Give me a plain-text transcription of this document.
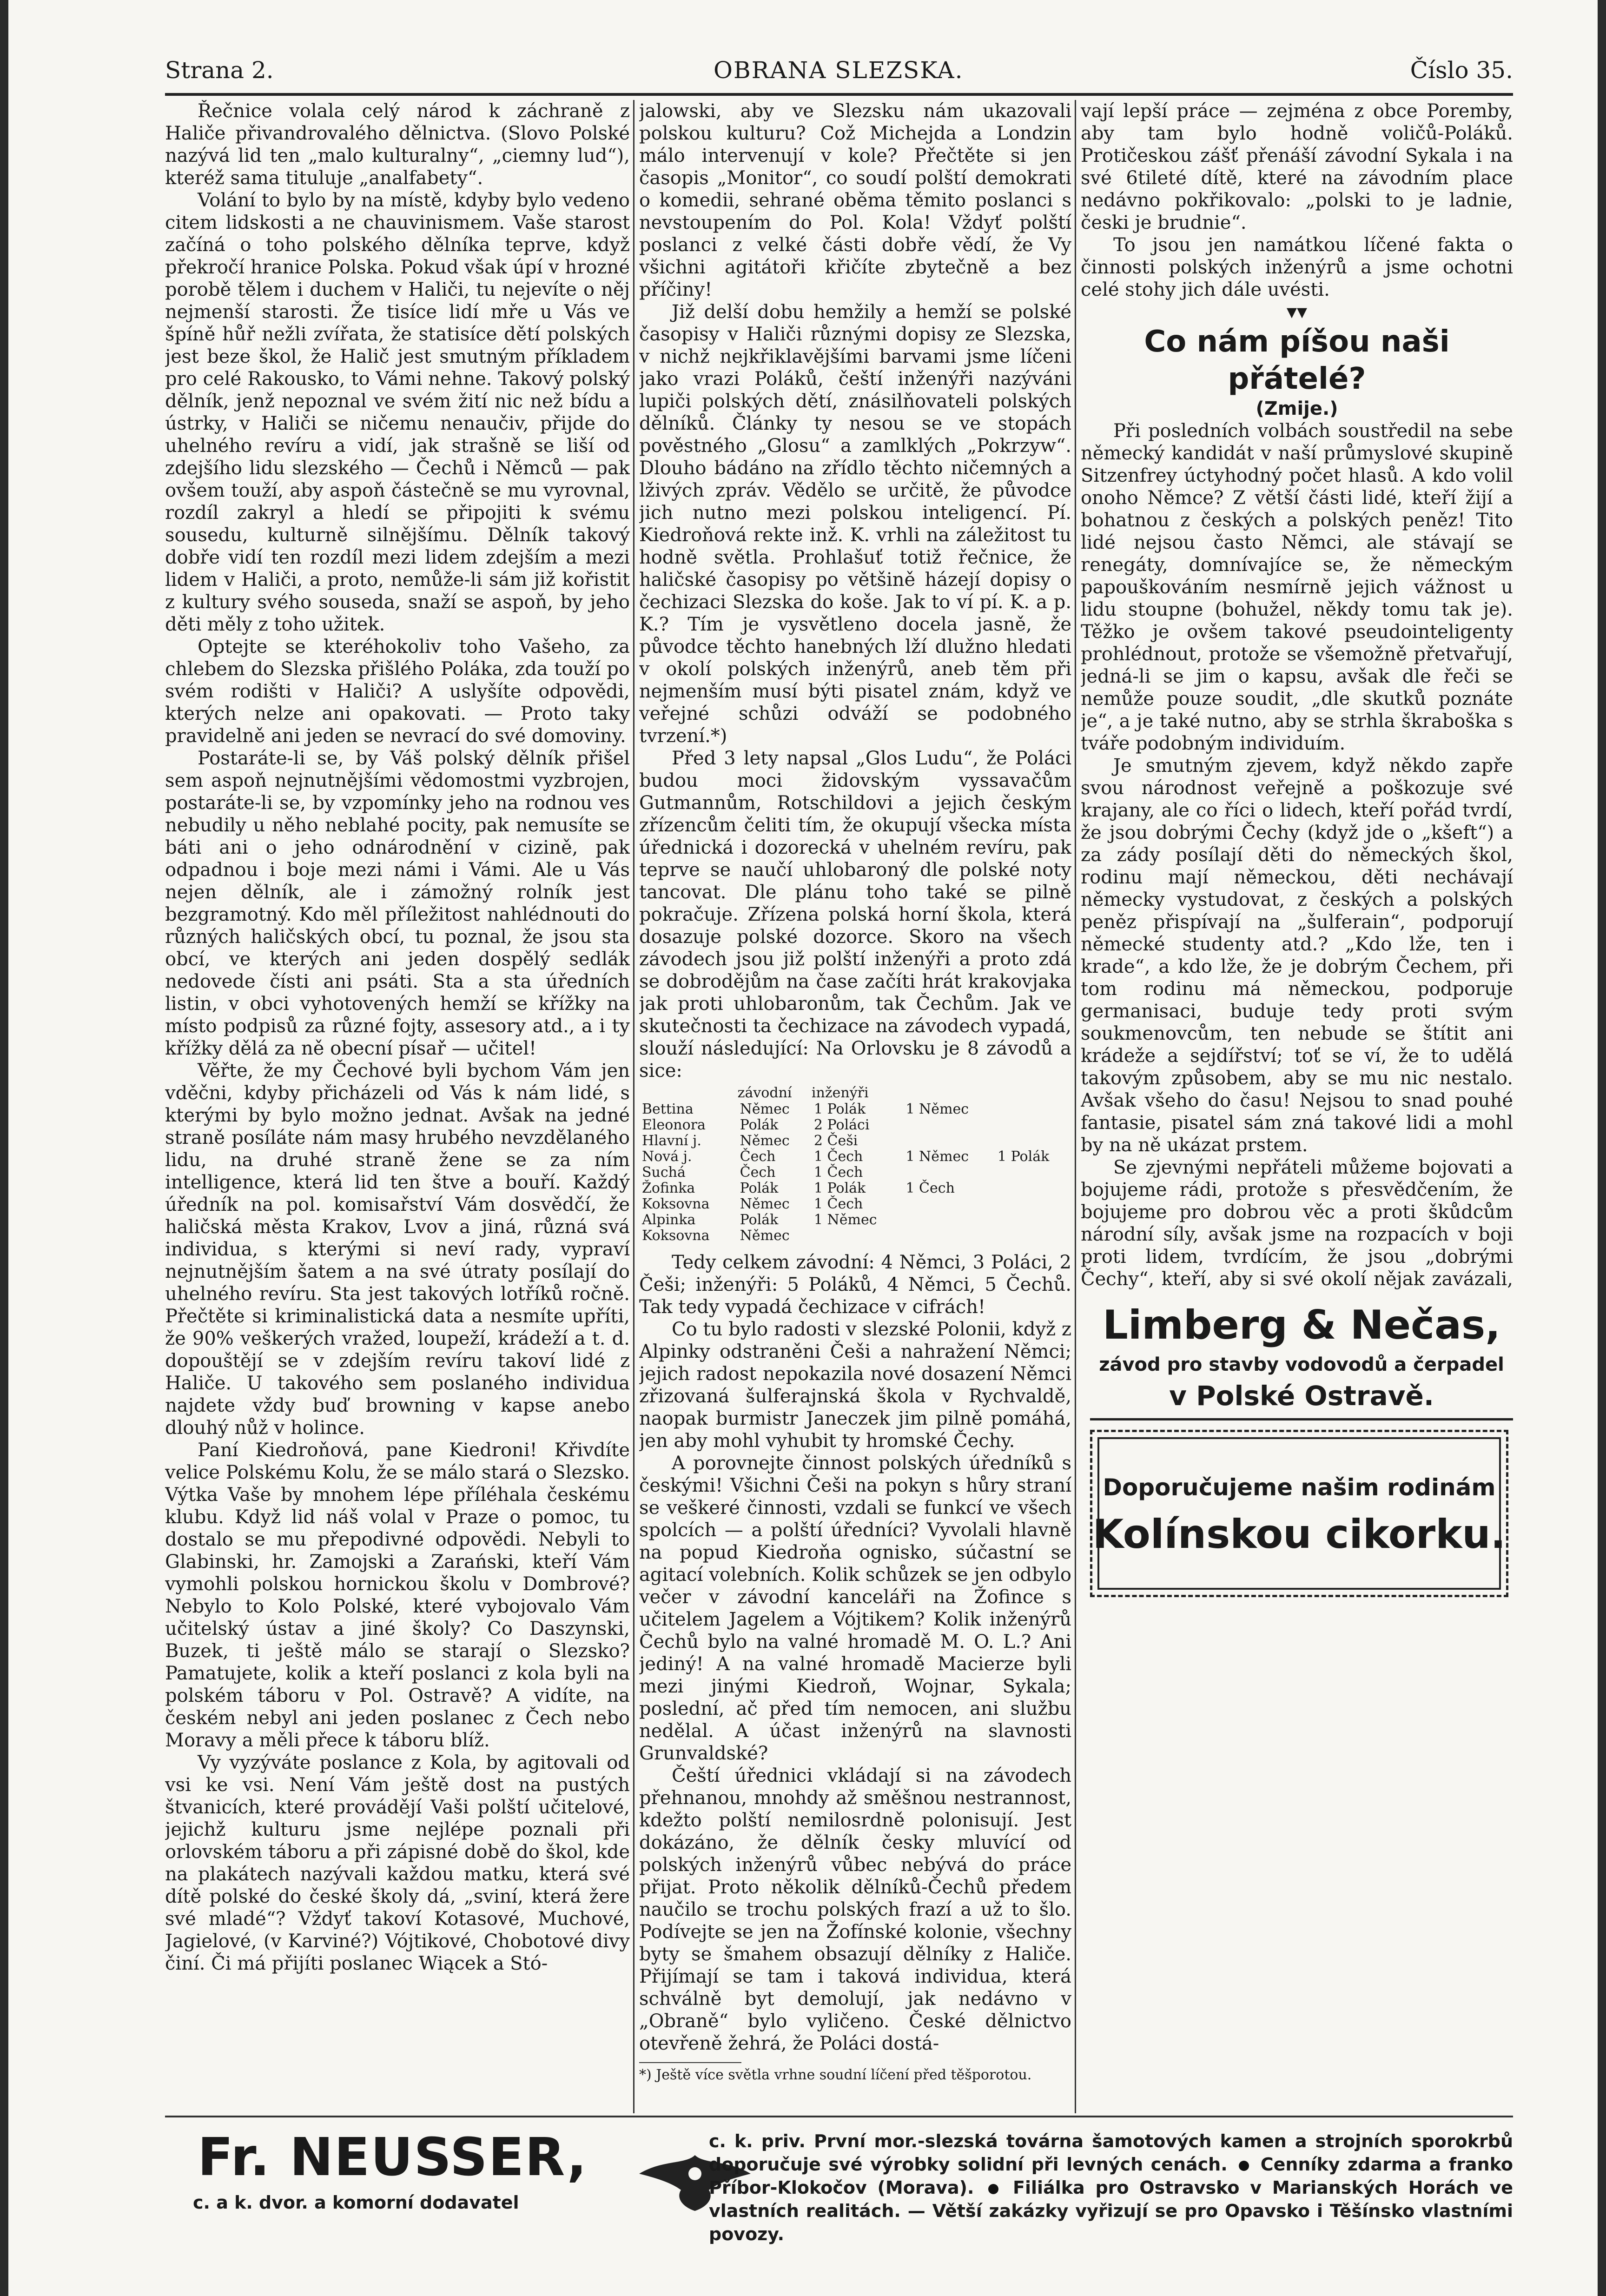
Strana 2.	OBRANA SLEZSKA.	Číslo 35.

Řečnice volala celý národ k záchraně z Haliče přivandrovalého dělnictva. (Slovo Polské nazývá lid ten „malo kulturalny“, „ciemny lud“), kteréž sama tituluje „analfabety“.

Volání to bylo by na místě, kdyby bylo vedeno citem lidskosti a ne chauvinismem. Vaše starost začíná o toho polského dělníka teprve, když překročí hranice Polska. Pokud však úpí v hrozné porobě tělem i duchem v Haliči, tu nejevíte o něj nejmenší starosti. Že tisíce lidí mře u Vás ve špíně hůř nežli zvířata, že statisíce dětí polských jest beze škol, že Halič jest smutným příkladem pro celé Rakousko, to Vámi nehne. Takový polský dělník, jenž nepoznal ve svém žití nic než bídu a ústrky, v Haliči se ničemu nenaučiv, přijde do uhelného revíru a vidí, jak strašně se liší od zdejšího lidu slezského — Čechů i Němců — pak ovšem touží, aby aspoň částečně se mu vyrovnal, rozdíl zakryl a hledí se připojiti k svému sousedu, kulturně silnějšímu. Dělník takový dobře vidí ten rozdíl mezi lidem zdejším a mezi lidem v Haliči, a proto, nemůže-li sám již kořistit z kultury svého souseda, snaží se aspoň, by jeho děti měly z toho užitek.

Optejte se kteréhokoliv toho Vašeho, za chlebem do Slezska přišlého Poláka, zda touží po svém rodišti v Haliči? A uslyšíte odpovědi, kterých nelze ani opakovati. — Proto taky pravidelně ani jeden se nevrací do své domoviny.

Postaráte-li se, by Váš polský dělník přišel sem aspoň nejnutnějšími vědomostmi vyzbrojen, postaráte-li se, by vzpomínky jeho na rodnou ves nebudily u něho neblahé pocity, pak nemusíte se báti ani o jeho odnárodnění v cizině, pak odpadnou i boje mezi námi i Vámi. Ale u Vás nejen dělník, ale i zámožný rolník jest bezgramotný. Kdo měl příležitost nahlédnouti do různých haličských obcí, tu poznal, že jsou sta obcí, ve kterých ani jeden dospělý sedlák nedovede čísti ani psáti. Sta a sta úředních listin, v obci vyhotovených hemží se křížky na místo podpisů za různé fojty, assesory atd., a i ty křížky dělá za ně obecní písař — učitel!

Věřte, že my Čechové byli bychom Vám jen vděčni, kdyby přicházeli od Vás k nám lidé, s kterými by bylo možno jednat. Avšak na jedné straně posíláte nám masy hrubého nevzdělaného lidu, na druhé straně žene se za ním intelligence, která lid ten štve a bouří. Každý úředník na pol. komisařství Vám dosvědčí, že haličská města Krakov, Lvov a jiná, různá svá individua, s kterými si neví rady, vypraví nejnutnějším šatem a na své útraty posílají do uhelného revíru. Sta jest takových lotříků ročně. Přečtěte si kriminalistická data a nesmíte upříti, že 90% veškerých vražed, loupeží, krádeží a t. d. dopouštějí se v zdejším revíru takoví lidé z Haliče. U takového sem poslaného individua najdete vždy buď browning v kapse anebo dlouhý nůž v holince.

Paní Kiedroňová, pane Kiedroni! Křivdíte velice Polskému Kolu, že se málo stará o Slezsko. Výtka Vaše by mnohem lépe příléhala českému klubu. Když lid náš volal v Praze o pomoc, tu dostalo se mu přepodivné odpovědi. Nebyli to Glabinski, hr. Zamojski a Zarański, kteří Vám vymohli polskou hornickou školu v Dombrové? Nebylo to Kolo Polské, které vybojovalo Vám učitelský ústav a jiné školy? Co Daszynski, Buzek, ti ještě málo se starají o Slezsko? Pamatujete, kolik a kteří poslanci z kola byli na polském táboru v Pol. Ostravě? A vidíte, na českém nebyl ani jeden poslanec z Čech nebo Moravy a měli přece k táboru blíž.

Vy vyzýváte poslance z Kola, by agitovali od vsi ke vsi. Není Vám ještě dost na pustých štvanicích, které provádějí Vaši polští učitelové, jejichž kulturu jsme nejlépe poznali při orlovském táboru a při zápisné době do škol, kde na plakátech nazývali každou matku, která své dítě polské do české školy dá, „sviní, která žere své mladé“? Vždyť takoví Kotasové, Muchové, Jagielové, (v Karviné?) Vójtikové, Chobotové divy činí. Či má přijíti poslanec Wiącek a Stó-

jalowski, aby ve Slezsku nám ukazovali polskou kulturu? Což Michejda a Londzin málo intervenují v kole? Přečtěte si jen časopis „Monitor“, co soudí polští demokrati o komedii, sehrané oběma těmito poslanci s nevstoupením do Pol. Kola! Vždyť polští poslanci z velké části dobře vědí, že Vy všichni agitátoři křičíte zbytečně a bez příčiny!

Již delší dobu hemžily a hemží se polské časopisy v Haliči různými dopisy ze Slezska, v nichž nejkřiklavějšími barvami jsme líčeni jako vrazi Poláků, čeští inženýři nazýváni lupiči polských dětí, znásilňovateli polských dělníků. Články ty nesou se ve stopách pověstného „Glosu“ a zamlklých „Pokrzyw“. Dlouho bádáno na zřídlo těchto ničemných a lživých zpráv. Vědělo se určitě, že původce jich nutno mezi polskou inteligencí. Pí. Kiedroňová rekte inž. K. vrhli na záležitost tu hodně světla. Prohlašuť totiž řečnice, že haličské časopisy po většině házejí dopisy o čechizaci Slezska do koše. Jak to ví pí. K. a p. K.? Tím je vysvětleno docela jasně, že původce těchto hanebných lží dlužno hledati v okolí polských inženýrů, aneb těm při nejmenším musí býti pisatel znám, když ve veřejné schůzi odváží se podobného tvrzení.*)

Před 3 lety napsal „Glos Ludu“, že Poláci budou moci židovským vyssavačům Gutmannům, Rotschildovi a jejich českým zřízencům čeliti tím, že okupují všecka místa úřednická i dozorecká v uhelném revíru, pak teprve se naučí uhlobaroný dle polské noty tancovat. Dle plánu toho také se pilně pokračuje. Zřízena polská horní škola, která dosazuje polské dozorce. Skoro na všech závodech jsou již polští inženýři a proto zdá se dobrodějům na čase začíti hrát krakovjaka jak proti uhlobaronům, tak Čechům. Jak ve skutečnosti ta čechizace na závodech vypadá, slouží následující: Na Orlovsku je 8 závodů a sice:

	závodní	inženýři		
Bettina	Němec	1 Polák	1 Němec	
Eleonora	Polák	2 Poláci		
Hlavní j.	Němec	2 Češi		
Nová j.	Čech	1 Čech	1 Němec	1 Polák
Suchá	Čech	1 Čech		
Žofinka	Polák	1 Polák	1 Čech	
Koksovna	Němec	1 Čech		
Alpinka	Polák	1 Němec		
Koksovna	Němec			

Tedy celkem závodní: 4 Němci, 3 Poláci, 2 Češi; inženýři: 5 Poláků, 4 Němci, 5 Čechů. Tak tedy vypadá čechizace v cifrách!

Co tu bylo radosti v slezské Polonii, když z Alpinky odstraněni Češi a nahražení Němci; jejich radost nepokazila nové dosazení Němci zřizovaná šulferajnská škola v Rychvaldě, naopak burmistr Janeczek jim pilně pomáhá, jen aby mohl vyhubit ty hromské Čechy.

A porovnejte činnost polských úředníků s českými! Všichni Češi na pokyn s hůry straní se veškeré činnosti, vzdali se funkcí ve všech spolcích — a polští úředníci? Vyvolali hlavně na popud Kiedroňa ognisko, súčastní se agitací volebních. Kolik schůzek se jen odbylo večer v závodní kanceláři na Žofince s učitelem Jagelem a Vójtikem? Kolik inženýrů Čechů bylo na valné hromadě M. O. L.? Ani jediný! A na valné hromadě Macierze byli mezi jinými Kiedroň, Wojnar, Sykala; poslední, ač před tím nemocen, ani službu nedělal. A účast inženýrů na slavnosti Grunvaldské?

Čeští úřednici vkládají si na závodech přehnanou, mnohdy až směšnou nestrannost, kdežto polští nemilosrdně polonisují. Jest dokázáno, že dělník česky mluvící od polských inženýrů vůbec nebývá do práce přijat. Proto několik dělníků-Čechů předem naučilo se trochu polských frazí a už to šlo. Podívejte se jen na Žofínské kolonie, všechny byty se šmahem obsazují dělníky z Haliče. Přijímají se tam i taková individua, která schválně byt demolují, jak nedávno v „Obraně“ bylo vyličeno. České dělnictvo otevřeně žehrá, že Poláci dostá-

*) Ještě více světla vrhne soudní líčení před těšporotou.

vají lepší práce — zejména z obce Poremby, aby tam bylo hodně voličů-Poláků. Protičeskou zášť přenáší závodní Sykala i na své 6tileté dítě, které na závodním place nedávno pokřikovalo: „polski to je ladnie, česki je brudnie“.

To jsou jen namátkou líčené fakta o činnosti polských inženýrů a jsme ochotni celé stohy jich dále uvésti.

▾▾

Co nám píšou naši přátelé?

(Zmije.)

Při posledních volbách soustředil na sebe německý kandidát v naší průmyslové skupině Sitzenfrey úctyhodný počet hlasů. A kdo volil onoho Němce? Z větší části lidé, kteří žijí a bohatnou z českých a polských peněz! Tito lidé nejsou často Němci, ale stávají se renegáty, domnívajíce se, že německým papouškováním nesmírně jejich vážnost u lidu stoupne (bohužel, někdy tomu tak je). Těžko je ovšem takové pseudointeligenty prohlédnout, protože se všemožně přetvařují, jedná-li se jim o kapsu, avšak dle řeči se nemůže pouze soudit, „dle skutků poznáte je“, a je také nutno, aby se strhla škraboška s tváře podobným individuím.

Je smutným zjevem, když někdo zapře svou národnost veřejně a poškozuje své krajany, ale co říci o lidech, kteří pořád tvrdí, že jsou dobrými Čechy (když jde o „kšeft“) a za zády posílají děti do německých škol, rodinu mají německou, děti nechávají německy vystudovat, z českých a polských peněz přispívají na „šulferain“, podporují německé studenty atd.? „Kdo lže, ten i krade“, a kdo lže, že je dobrým Čechem, při tom rodinu má německou, podporuje germanisaci, buduje tedy proti svým soukmenovcům, ten nebude se štítit ani krádeže a sejdířství; toť se ví, že to udělá takovým způsobem, aby se mu nic nestalo. Avšak všeho do času! Nejsou to snad pouhé fantasie, pisatel sám zná takové lidi a mohl by na ně ukázat prstem.

Se zjevnými nepřáteli můžeme bojovati a bojujeme rádi, protože s přesvědčením, že bojujeme pro dobrou věc a proti škůdcům národní síly, avšak jsme na rozpacích v boji proti lidem, tvrdícím, že jsou „dobrými Čechy“, kteří, aby si své okolí nějak zavázali,

Limberg & Nečas,
závod pro stavby vodovodů a čerpadel
v Polské Ostravě.
Doporučujeme našim rodinám
Kolínskou cikorku.
Fr. NEUSSER,
c. a k. dvor. a komorní dodavatel
c. k. priv. První mor.-slezská továrna šamotových kamen a strojních sporokrbů doporučuje své výrobky solidní při levných cenách. Cenníky zdarma a franko Příbor-Klokočov (Morava). Filiálka pro Ostravsko v Marianských Horách ve vlastních realitách. — Větší zakázky vyřizují se pro Opavsko i Těšínsko vlastními povozy.
